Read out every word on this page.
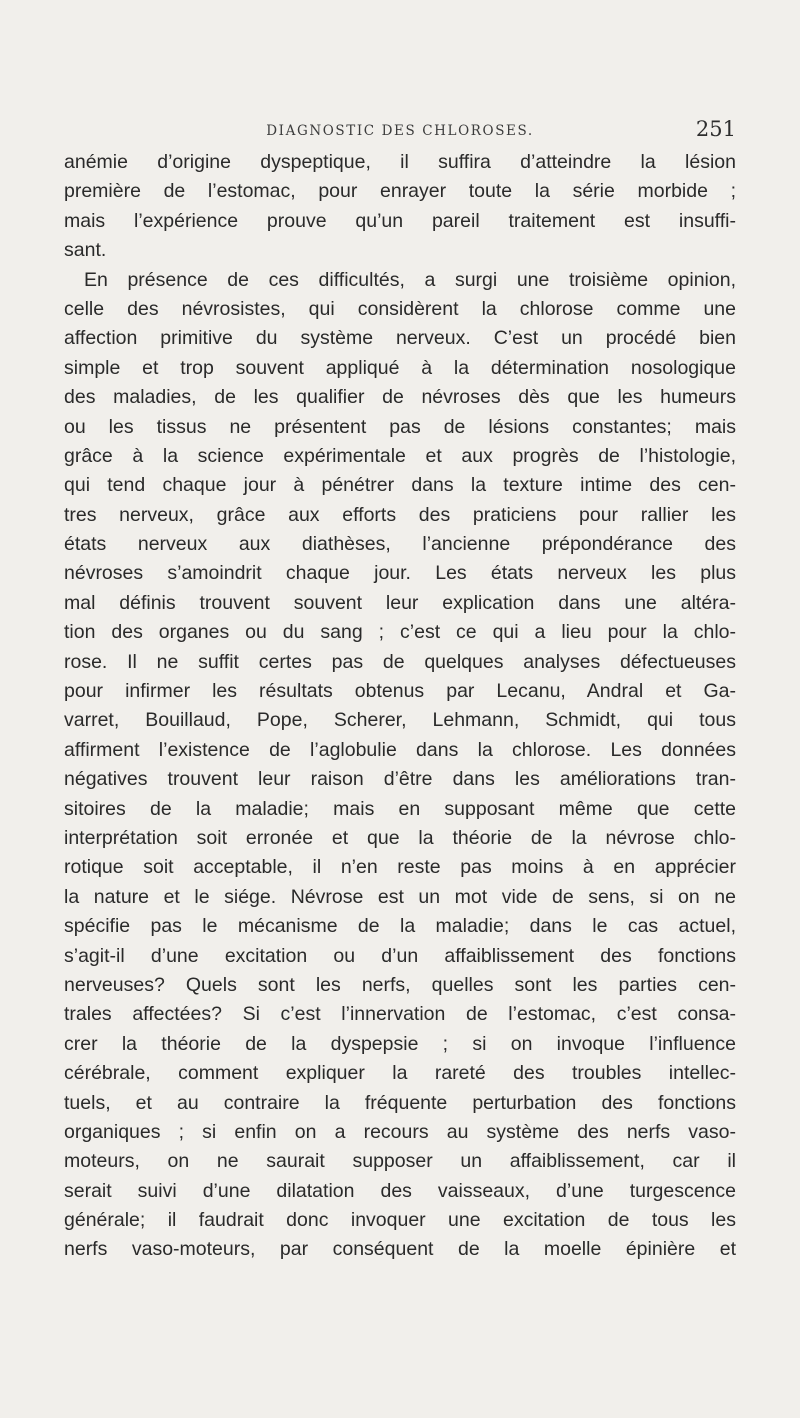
DIAGNOSTIC DES CHLOROSES.	251
anémie d’origine dyspeptique, il suffira d’atteindre la lésion
première de l’estomac, pour enrayer toute la série morbide ;
mais l’expérience prouve qu’un pareil traitement est insuffi-
sant.
En présence de ces difficultés, a surgi une troisième opinion,
celle des névrosistes, qui considèrent la chlorose comme une
affection primitive du système nerveux. C’est un procédé bien
simple et trop souvent appliqué à la détermination nosologique
des maladies, de les qualifier de névroses dès que les humeurs
ou les tissus ne présentent pas de lésions constantes; mais
grâce à la science expérimentale et aux progrès de l’histologie,
qui tend chaque jour à pénétrer dans la texture intime des cen-
tres nerveux, grâce aux efforts des praticiens pour rallier les
états nerveux aux diathèses, l’ancienne prépondérance des
névroses s’amoindrit chaque jour. Les états nerveux les plus
mal définis trouvent souvent leur explication dans une altéra-
tion des organes ou du sang ; c’est ce qui a lieu pour la chlo-
rose. Il ne suffit certes pas de quelques analyses défectueuses
pour infirmer les résultats obtenus par Lecanu, Andral et Ga-
varret, Bouillaud, Pope, Scherer, Lehmann, Schmidt, qui tous
affirment l’existence de l’aglobulie dans la chlorose. Les données
négatives trouvent leur raison d’être dans les améliorations tran-
sitoires de la maladie; mais en supposant même que cette
interprétation soit erronée et que la théorie de la névrose chlo-
rotique soit acceptable, il n’en reste pas moins à en apprécier
la nature et le siége. Névrose est un mot vide de sens, si on ne
spécifie pas le mécanisme de la maladie; dans le cas actuel,
s’agit-il d’une excitation ou d’un affaiblissement des fonctions
nerveuses? Quels sont les nerfs, quelles sont les parties cen-
trales affectées? Si c’est l’innervation de l’estomac, c’est consa-
crer la théorie de la dyspepsie ; si on invoque l’influence
cérébrale, comment expliquer la rareté des troubles intellec-
tuels, et au contraire la fréquente perturbation des fonctions
organiques ; si enfin on a recours au système des nerfs vaso-
moteurs, on ne saurait supposer un affaiblissement, car il
serait suivi d’une dilatation des vaisseaux, d’une turgescence
générale; il faudrait donc invoquer une excitation de tous les
nerfs vaso-moteurs, par conséquent de la moelle épinière et
